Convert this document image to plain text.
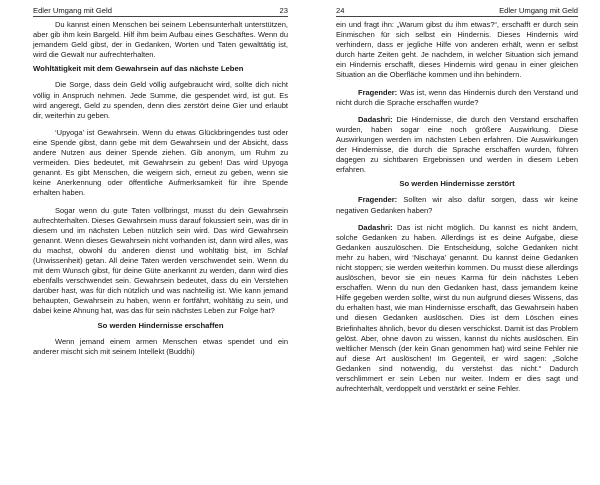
Edler Umgang mit Geld	23

Du kannst einen Menschen bei seinem Lebensunterhalt unterstützen, aber gib ihm kein Bargeld. Hilf ihm beim Aufbau eines Geschäftes. Wenn du jemandem Geld gibst, der in Gedanken, Worten und Taten gewalttätig ist, wird die Gewalt nur aufrechterhalten.

Wohltätigkeit mit dem Gewahrsein auf das nächste Leben

Die Sorge, dass dein Geld völlig aufgebraucht wird, sollte dich nicht völlig in Anspruch nehmen. Jede Summe, die gespendet wird, ist gut. Es wird angeregt, Geld zu spenden, denn dies zerstört deine Gier und erlaubt dir, weiterhin zu geben.

‘Upyoga’ ist Gewahrsein. Wenn du etwas Glückbringendes tust oder eine Spende gibst, dann gebe mit dem Gewahrsein und der Absicht, dass andere Nutzen aus deiner Spende ziehen. Gib anonym, um Ruhm zu vermeiden. Dies bedeutet, mit Gewahrsein zu geben! Das wird Upyoga genannt. Es gibt Menschen, die weigern sich, erneut zu geben, wenn sie keine Anerkennung oder öffentliche Aufmerksamkeit für ihre Spende erhalten haben.

Sogar wenn du gute Taten vollbringst, musst du dein Gewahrsein aufrechterhalten. Dieses Gewahrsein muss darauf fokussiert sein, was dir in diesem und im nächsten Leben nützlich sein wird. Das wird Gewahrsein genannt. Wenn dieses Gewahrsein nicht vorhanden ist, dann wird alles, was du machst, obwohl du anderen dienst und wohltätig bist, im Schlaf (Unwissenheit) getan. All deine Taten werden verschwendet sein. Wenn du mit dem Wunsch gibst, für deine Güte anerkannt zu werden, dann wird dies ebenfalls verschwendet sein. Gewahrsein bedeutet, dass du ein Verstehen darüber hast, was für dich nützlich und was nachteilig ist. Wie kann jemand behaupten, Gewahrsein zu haben, wenn er fortfährt, wohltätig zu sein, und dabei keine Ahnung hat, was das für sein nächstes Leben zur Folge hat?

So werden Hindernisse erschaffen

Wenn jemand einem armen Menschen etwas spendet und ein anderer mischt sich mit seinem Intellekt (Buddhi)

24	Edler Umgang mit Geld

ein und fragt ihn: „Warum gibst du ihm etwas?“, erschafft er durch sein Einmischen für sich selbst ein Hindernis. Dieses Hindernis wird verhindern, dass er jegliche Hilfe von anderen erhält, wenn er selbst durch harte Zeiten geht. Je nachdem, in welcher Situation sich jemand ein Hindernis erschafft, dieses Hindernis wird genau in einer gleichen Situation an die Oberfläche kommen und ihn behindern.

Fragender: Was ist, wenn das Hindernis durch den Verstand und nicht durch die Sprache erschaffen wurde?

Dadashri: Die Hindernisse, die durch den Verstand erschaffen wurden, haben sogar eine noch größere Auswirkung. Diese Auswirkungen werden im nächsten Leben erfahren. Die Auswirkungen der Hindernisse, die durch die Sprache erschaffen wurden, führen dagegen zu sichtbaren Ergebnissen und werden in diesem Leben erfahren.

So werden Hindernisse zerstört

Fragender: Sollten wir also dafür sorgen, dass wir keine negativen Gedanken haben?

Dadashri: Das ist nicht möglich. Du kannst es nicht ändern, solche Gedanken zu haben. Allerdings ist es deine Aufgabe, diese Gedanken auszulöschen. Die Entscheidung, solche Gedanken nicht mehr zu haben, wird ‘Nischaya’ genannt. Du kannst deine Gedanken nicht stoppen; sie werden weiterhin kommen. Du musst diese allerdings auslöschen, bevor sie ein neues Karma für dein nächstes Leben erschaffen. Wenn du nun den Gedanken hast, dass jemandem keine Hilfe gegeben werden sollte, wirst du nun aufgrund dieses Wissens, das du erhalten hast, wie man Hindernisse erschafft, das Gewahrsein haben und diesen Gedanken auslöschen. Dies ist dem Löschen eines Briefinhaltes ähnlich, bevor du diesen verschickst. Damit ist das Problem gelöst. Aber, ohne davon zu wissen, kannst du nichts auslöschen. Ein weltlicher Mensch (der kein Gnan genommen hat) wird seine Fehler nie auf diese Art auslöschen! Im Gegenteil, er wird sagen: „Solche Gedanken sind notwendig, du verstehst das nicht.“ Dadurch verschlimmert er sein Leben nur weiter. Indem er dies sagt und aufrechterhält, verdoppelt und verstärkt er seine Fehler.
